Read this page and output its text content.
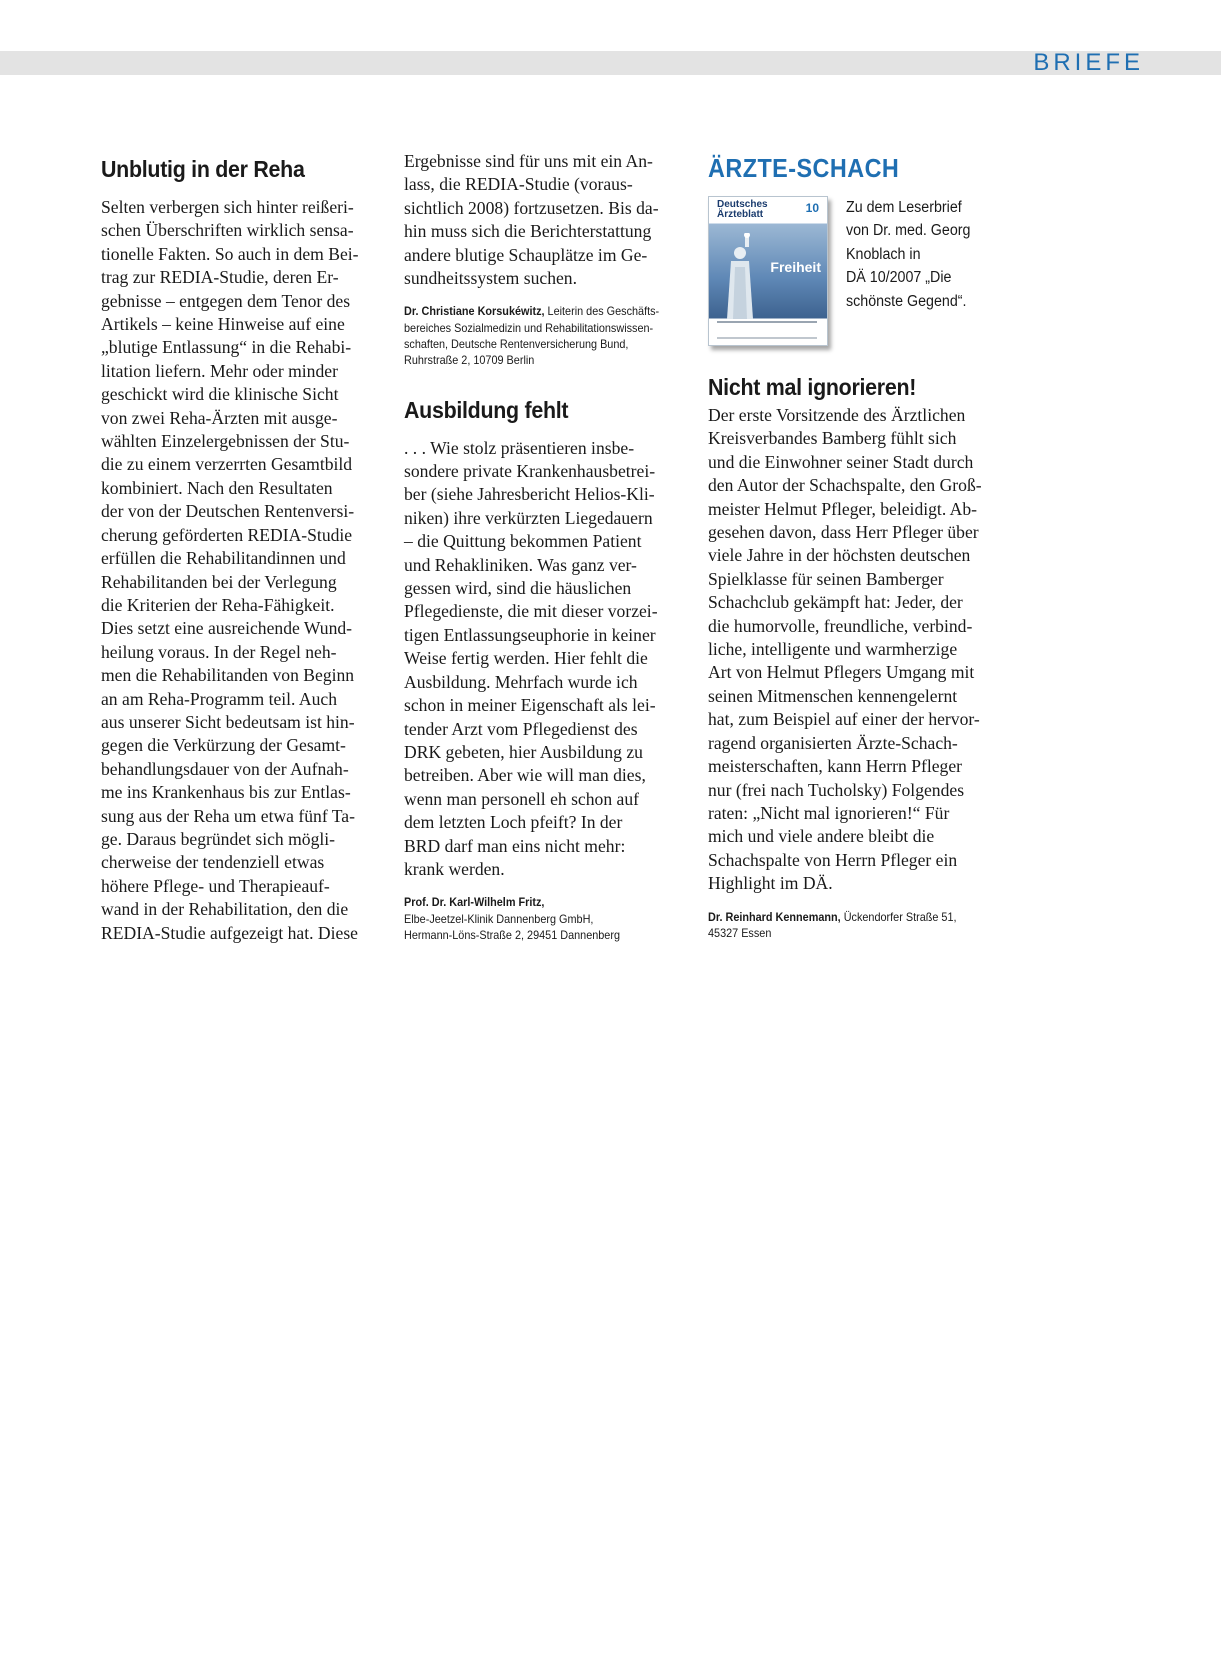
BRIEFE
Unblutig in der Reha

Selten verbergen sich hinter reißeri-
schen Überschriften wirklich sensa-
tionelle Fakten. So auch in dem Bei-
trag zur REDIA-Studie, deren Er-
gebnisse – entgegen dem Tenor des
Artikels – keine Hinweise auf eine
„blutige Entlassung“ in die Rehabi-
litation liefern. Mehr oder minder
geschickt wird die klinische Sicht
von zwei Reha-Ärzten mit ausge-
wählten Einzelergebnissen der Stu-
die zu einem verzerrten Gesamtbild
kombiniert. Nach den Resultaten
der von der Deutschen Rentenversi-
cherung geförderten REDIA-Studie
erfüllen die Rehabilitandinnen und
Rehabilitanden bei der Verlegung
die Kriterien der Reha-Fähigkeit.
Dies setzt eine ausreichende Wund-
heilung voraus. In der Regel neh-
men die Rehabilitanden von Beginn
an am Reha-Programm teil. Auch
aus unserer Sicht bedeutsam ist hin-
gegen die Verkürzung der Gesamt-
behandlungsdauer von der Aufnah-
me ins Krankenhaus bis zur Entlas-
sung aus der Reha um etwa fünf Ta-
ge. Daraus begründet sich mögli-
cherweise der tendenziell etwas
höhere Pflege- und Therapieauf-
wand in der Rehabilitation, den die
REDIA-Studie aufgezeigt hat. Diese

Ergebnisse sind für uns mit ein An-
lass, die REDIA-Studie (voraus-
sichtlich 2008) fortzusetzen. Bis da-
hin muss sich die Berichterstattung
andere blutige Schauplätze im Ge-
sundheitssystem suchen.

Dr. Christiane Korsukéwitz, Leiterin des Geschäfts-
bereiches Sozialmedizin und Rehabilitationswissen-
schaften, Deutsche Rentenversicherung Bund,
Ruhrstraße 2, 10709 Berlin

Ausbildung fehlt

. . . Wie stolz präsentieren insbe-
sondere private Krankenhausbetrei-
ber (siehe Jahresbericht Helios-Kli-
niken) ihre verkürzten Liegedauern
– die Quittung bekommen Patient
und Rehakliniken. Was ganz ver-
gessen wird, sind die häuslichen
Pflegedienste, die mit dieser vorzei-
tigen Entlassungseuphorie in keiner
Weise fertig werden. Hier fehlt die
Ausbildung. Mehrfach wurde ich
schon in meiner Eigenschaft als lei-
tender Arzt vom Pflegedienst des
DRK gebeten, hier Ausbildung zu
betreiben. Aber wie will man dies,
wenn man personell eh schon auf
dem letzten Loch pfeift? In der
BRD darf man eins nicht mehr:
krank werden.

Prof. Dr. Karl-Wilhelm Fritz,
Elbe-Jeetzel-Klinik Dannenberg GmbH,
Hermann-Löns-Straße 2, 29451 Dannenberg

ÄRZTE-SCHACH
Deutsches
Ärzteblatt	10
Freiheit

Zu dem Leserbrief
von Dr. med. Georg
Knoblach in
DÄ 10/2007 „Die
schönste Gegend“.

Nicht mal ignorieren!

Der erste Vorsitzende des Ärztlichen
Kreisverbandes Bamberg fühlt sich
und die Einwohner seiner Stadt durch
den Autor der Schachspalte, den Groß-
meister Helmut Pfleger, beleidigt. Ab-
gesehen davon, dass Herr Pfleger über
viele Jahre in der höchsten deutschen
Spielklasse für seinen Bamberger
Schachclub gekämpft hat: Jeder, der
die humorvolle, freundliche, verbind-
liche, intelligente und warmherzige
Art von Helmut Pflegers Umgang mit
seinen Mitmenschen kennengelernt
hat, zum Beispiel auf einer der hervor-
ragend organisierten Ärzte-Schach-
meisterschaften, kann Herrn Pfleger
nur (frei nach Tucholsky) Folgendes
raten: „Nicht mal ignorieren!“ Für
mich und viele andere bleibt die
Schachspalte von Herrn Pfleger ein
Highlight im DÄ.

Dr. Reinhard Kennemann, Ückendorfer Straße 51,
45327 Essen
